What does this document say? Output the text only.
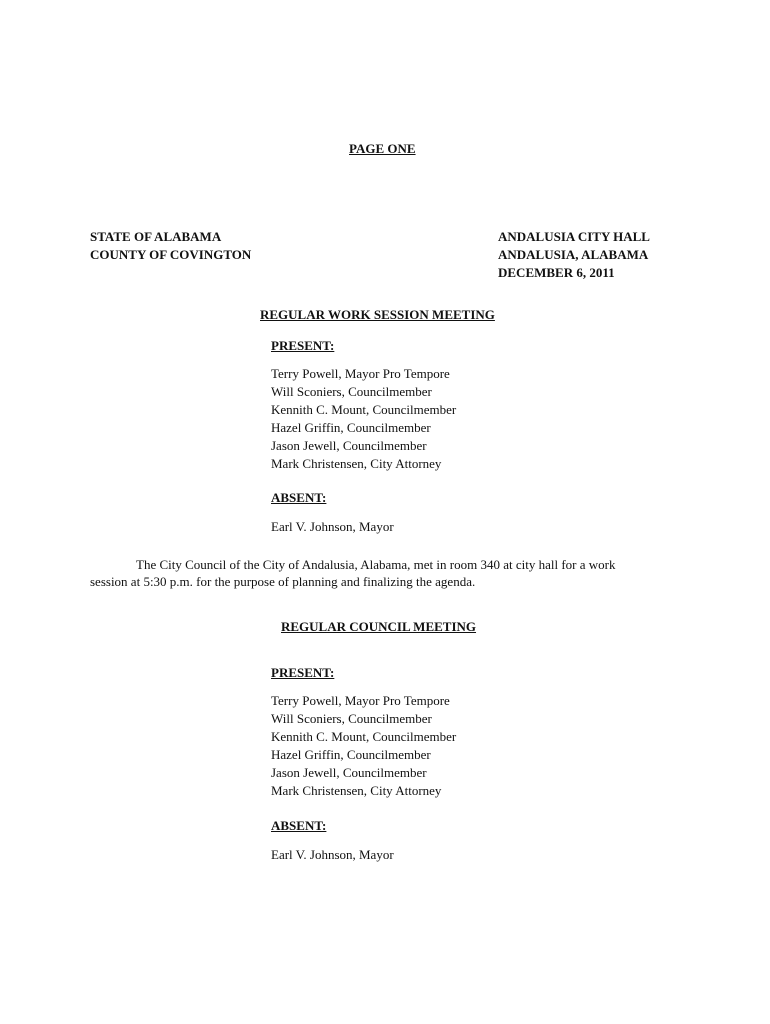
PAGE ONE
STATE OF ALABAMA
COUNTY OF COVINGTON
ANDALUSIA CITY HALL
ANDALUSIA, ALABAMA
DECEMBER 6, 2011
REGULAR WORK SESSION MEETING
PRESENT:
Terry Powell, Mayor Pro Tempore
Will Sconiers, Councilmember
Kennith C. Mount, Councilmember
Hazel Griffin, Councilmember
Jason Jewell, Councilmember
Mark Christensen, City Attorney
ABSENT:
Earl V. Johnson, Mayor
The City Council of the City of Andalusia, Alabama, met in room 340 at city hall for a work
session at 5:30 p.m. for the purpose of planning and finalizing the agenda.
REGULAR COUNCIL MEETING
PRESENT:
Terry Powell, Mayor Pro Tempore
Will Sconiers, Councilmember
Kennith C. Mount, Councilmember
Hazel Griffin, Councilmember
Jason Jewell, Councilmember
Mark Christensen, City Attorney
ABSENT:
Earl V. Johnson, Mayor
